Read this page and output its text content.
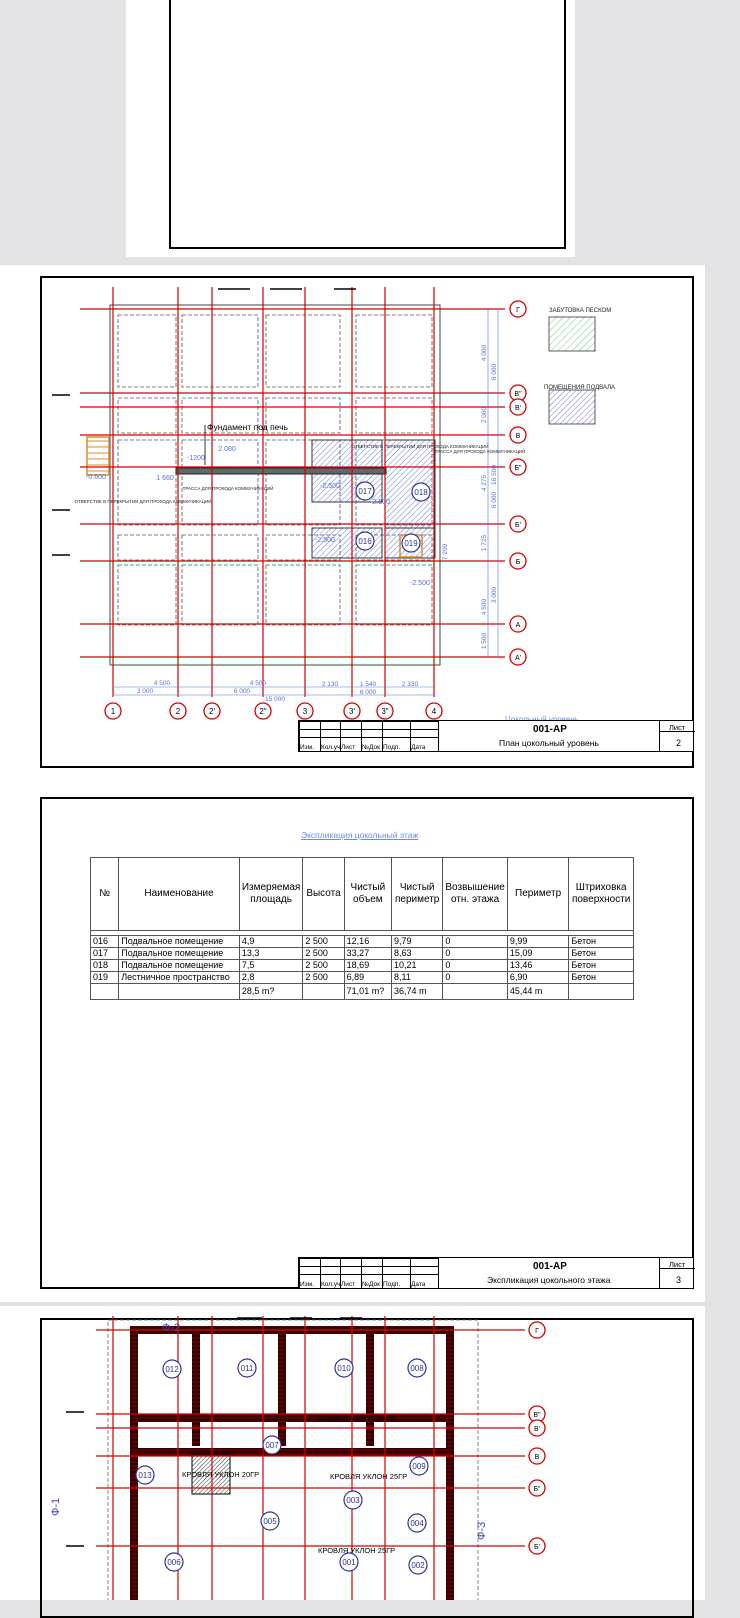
1	2	2'	2"	3	3'	3"	4
Г
В"
В'
В
Б"
Б'
Б
А
А'
4 500
3 000	6 000
4 500
15 000
2 130	1 540
6 000
2 330
4 000
6 000
2 000
4 275
6 000
16 500
1 725
7 200
4 500
3 000
1 500
-0.600
-2.500
-2.500
-2.500
-2.500
-1200
2 080
1 660
016
017	018
019
ТРАССА ДЛЯ ПРОХОДА КОММУНИКАЦИЙ
ОТВЕРСТИЕ В ПЕРЕКРЫТИИ ДЛЯ ПРОХОДА КОММУНИКАЦИЙ
ОТВЕРСТИЕ В ПЕРЕКРЫТИИ ДЛЯ ПРОХОДА КОММУНИКАЦИЙ
ТРАССА ДЛЯ ПРОХОДА КОММУНИКАЦИЙ
ЗАБУТОВКА ПЕСКОМ
ПОМЕЩЕНИЯ ПОДВАЛА
Фундамент под печь
Изм. Кол.уч Лист №Док Подп. Дата
001-АР
План цокольный уровень
Лист
2
Экспликация цокольный этаж
№	Наименование	Измеряемая площадь	Высота	Чистый объем	Чистый периметр	Возвышение отн. этажа	Периметр	Штриховка поверхности

016	Подвальное помещение	4,9	2 500	12,16	9,79	0	9,99	Бетон
017	Подвальное помещение	13,3	2 500	33,27	8,63	0	15,09	Бетон
018	Подвальное помещение	7,5	2 500	18,69	10,21	0	13,46	Бетон
019	Лестничное пространство	2,8	2 500	6,89	8,11	0	6,90	Бетон
		28,5 m?		71,01 m?	36,74 m		45,44 m	
Изм. Кол.уч Лист №Док Подп. Дата
001-АР
Экспликация цокольного этажа
Лист
3
Г
В"
В'
В
Б"
Б'
012	011	010	008
007
009
013
003
005	004
006	001	002
Ф-2
Ф-1
Ф-3
КРОВЛЯ УКЛОН 25ГР
КРОВЛЯ УКЛОН 20ГР	КРОВЛЯ УКЛОН 25ГР
КРОВЛЯ УКЛОН 25ГР
